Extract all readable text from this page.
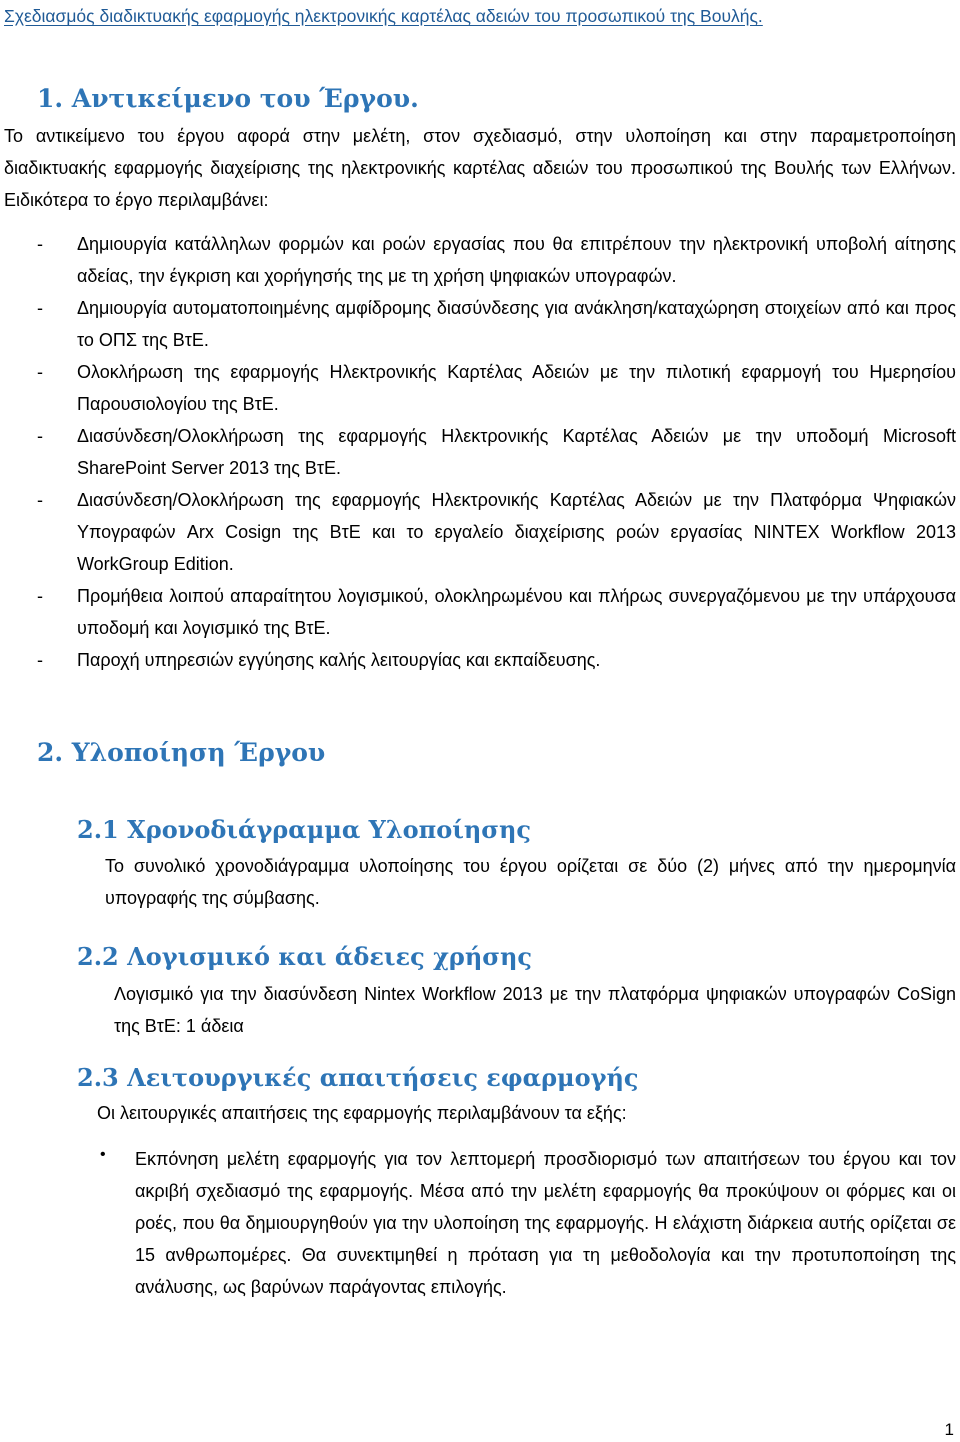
Σχεδιασμός διαδικτυακής εφαρμογής ηλεκτρονικής καρτέλας αδειών του προσωπικού της Βουλής.
1. Αντικείμενο του Έργου.

Το αντικείμενο του έργου αφορά στην μελέτη, στον σχεδιασμό, στην υλοποίηση και στην παραμετροποίηση διαδικτυακής εφαρμογής διαχείρισης της ηλεκτρονικής καρτέλας αδειών του προσωπικού της Βουλής των Ελλήνων. Ειδικότερα το έργο περιλαμβάνει:

- Δημιουργία κατάλληλων φορμών και ροών εργασίας που θα επιτρέπουν την ηλεκτρονική υποβολή αίτησης αδείας, την έγκριση και χορήγησής της με τη χρήση ψηφιακών υπογραφών.
- Δημιουργία αυτοματοποιημένης αμφίδρομης διασύνδεσης για ανάκληση/καταχώρηση στοιχείων από και προς το ΟΠΣ της ΒτΕ.
- Ολοκλήρωση της εφαρμογής Ηλεκτρονικής Καρτέλας Αδειών με την πιλοτική εφαρμογή του Ημερησίου Παρουσιολογίου της ΒτΕ.
- Διασύνδεση/Ολοκλήρωση της εφαρμογής Ηλεκτρονικής Καρτέλας Αδειών με την υποδομή Microsoft SharePoint Server 2013 της ΒτΕ.
- Διασύνδεση/Ολοκλήρωση της εφαρμογής Ηλεκτρονικής Καρτέλας Αδειών με την Πλατφόρμα Ψηφιακών Υπογραφών Arx Cosign της ΒτΕ και το εργαλείο διαχείρισης ροών εργασίας NINTEX Workflow 2013 WorkGroup Edition.
- Προμήθεια λοιπού απαραίτητου λογισμικού, ολοκληρωμένου και πλήρως συνεργαζόμενου με την υπάρχουσα υποδομή και λογισμικό της ΒτΕ.
- Παροχή υπηρεσιών εγγύησης καλής λειτουργίας και εκπαίδευσης.
2. Υλοποίηση Έργου
2.1 Χρονοδιάγραμμα Υλοποίησης

Το συνολικό χρονοδιάγραμμα υλοποίησης του έργου ορίζεται σε δύο (2) μήνες από την ημερομηνία υπογραφής της σύμβασης.

2.2 Λογισμικό και άδειες χρήσης

Λογισμικό για την διασύνδεση Nintex Workflow 2013 με την πλατφόρμα ψηφιακών υπογραφών CoSign της ΒτΕ: 1 άδεια

2.3 Λειτουργικές απαιτήσεις εφαρμογής

Οι λειτουργικές απαιτήσεις της εφαρμογής περιλαμβάνουν τα εξής:

• Εκπόνηση μελέτη εφαρμογής για τον λεπτομερή προσδιορισμό των απαιτήσεων του έργου και τον ακριβή σχεδιασμό της εφαρμογής. Μέσα από την μελέτη εφαρμογής θα προκύψουν οι φόρμες και οι ροές, που θα δημιουργηθούν για την υλοποίηση της εφαρμογής. Η ελάχιστη διάρκεια αυτής ορίζεται σε 15 ανθρωπομέρες. Θα συνεκτιμηθεί η πρόταση για τη μεθοδολογία και την προτυποποίηση της ανάλυσης, ως βαρύνων παράγοντας επιλογής.

1
